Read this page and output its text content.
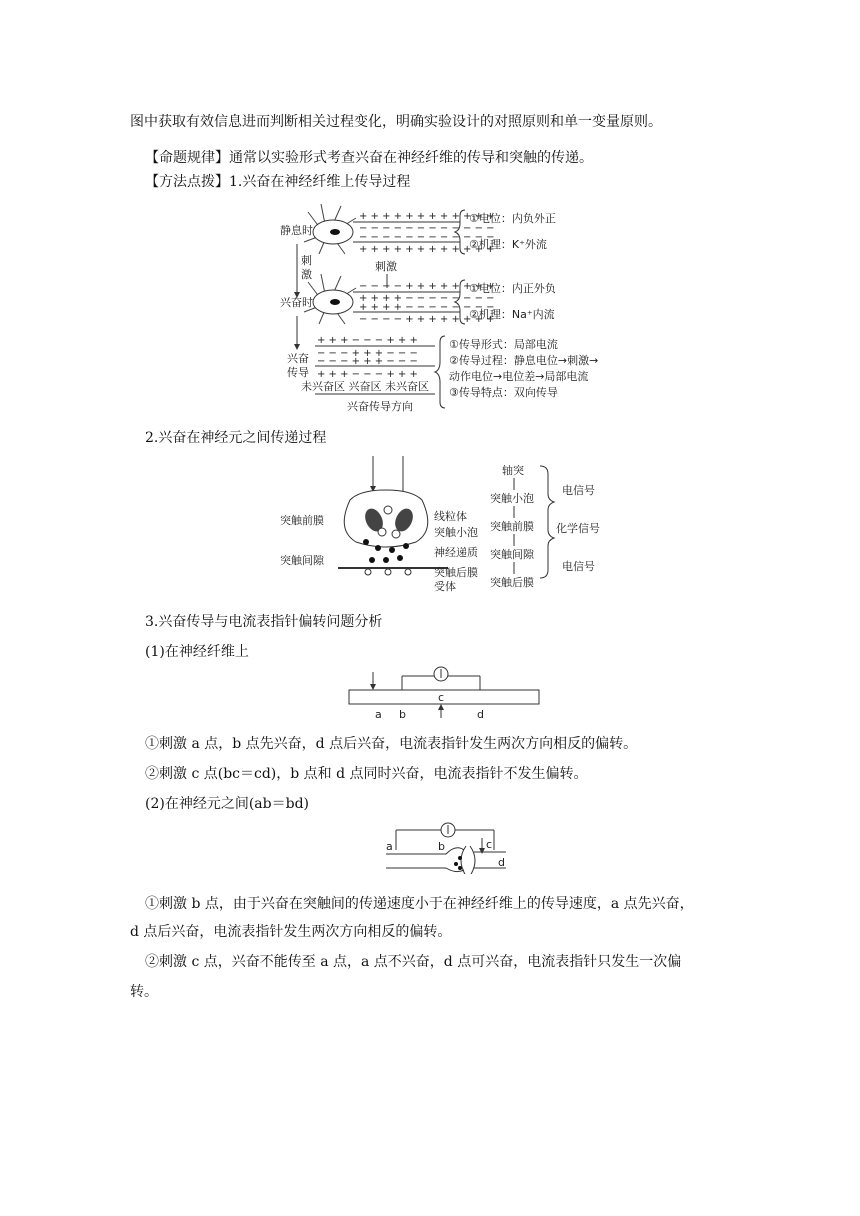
图中获取有效信息进而判断相关过程变化，明确实验设计的对照原则和单一变量原则。
【命题规律】通常以实验形式考查兴奋在神经纤维的传导和突触的传递。
【方法点拨】1.兴奋在神经纤维上传导过程
静息时
刺
激
兴奋时
兴奋
传导
+ + + + + + + + + + + +
− − − − − − − − − − − −
− − − − − − − − − − − −
+ + + + + + + + + + + +
①电位：内负外正
②机理：K⁺外流
刺激
− − − − + + + + + + + +
+ + + + − − − − − − − −
+ + + + − − − − − − − −
− − − − + + + + + + + +
①电位：内正外负
②机理：Na⁺内流
+ + + − − − + + +
− − − + + + − − −
− − − + + + − − −
+ + + − − − + + +
未兴奋区 兴奋区 未兴奋区
兴奋传导方向
①传导形式：局部电流
②传导过程：静息电位→刺激→
动作电位→电位差→局部电流
③传导特点：双向传导
2.兴奋在神经元之间传递过程
突触前膜
突触间隙
线粒体
突触小泡
神经递质
突触后膜
受体
轴突
突触小泡
突触前膜
突触间隙
突触后膜
电信号
化学信号
电信号
3.兴奋传导与电流表指针偏转问题分析
(1)在神经纤维上
c
a b	d
①刺激 a 点，b 点先兴奋，d 点后兴奋，电流表指针发生两次方向相反的偏转。
②刺激 c 点(bc＝cd)，b 点和 d 点同时兴奋，电流表指针不发生偏转。
(2)在神经元之间(ab＝bd)
a	b	c
d
①刺激 b 点，由于兴奋在突触间的传递速度小于在神经纤维上的传导速度，a 点先兴奋，
d 点后兴奋，电流表指针发生两次方向相反的偏转。
②刺激 c 点，兴奋不能传至 a 点，a 点不兴奋，d 点可兴奋，电流表指针只发生一次偏
转。
